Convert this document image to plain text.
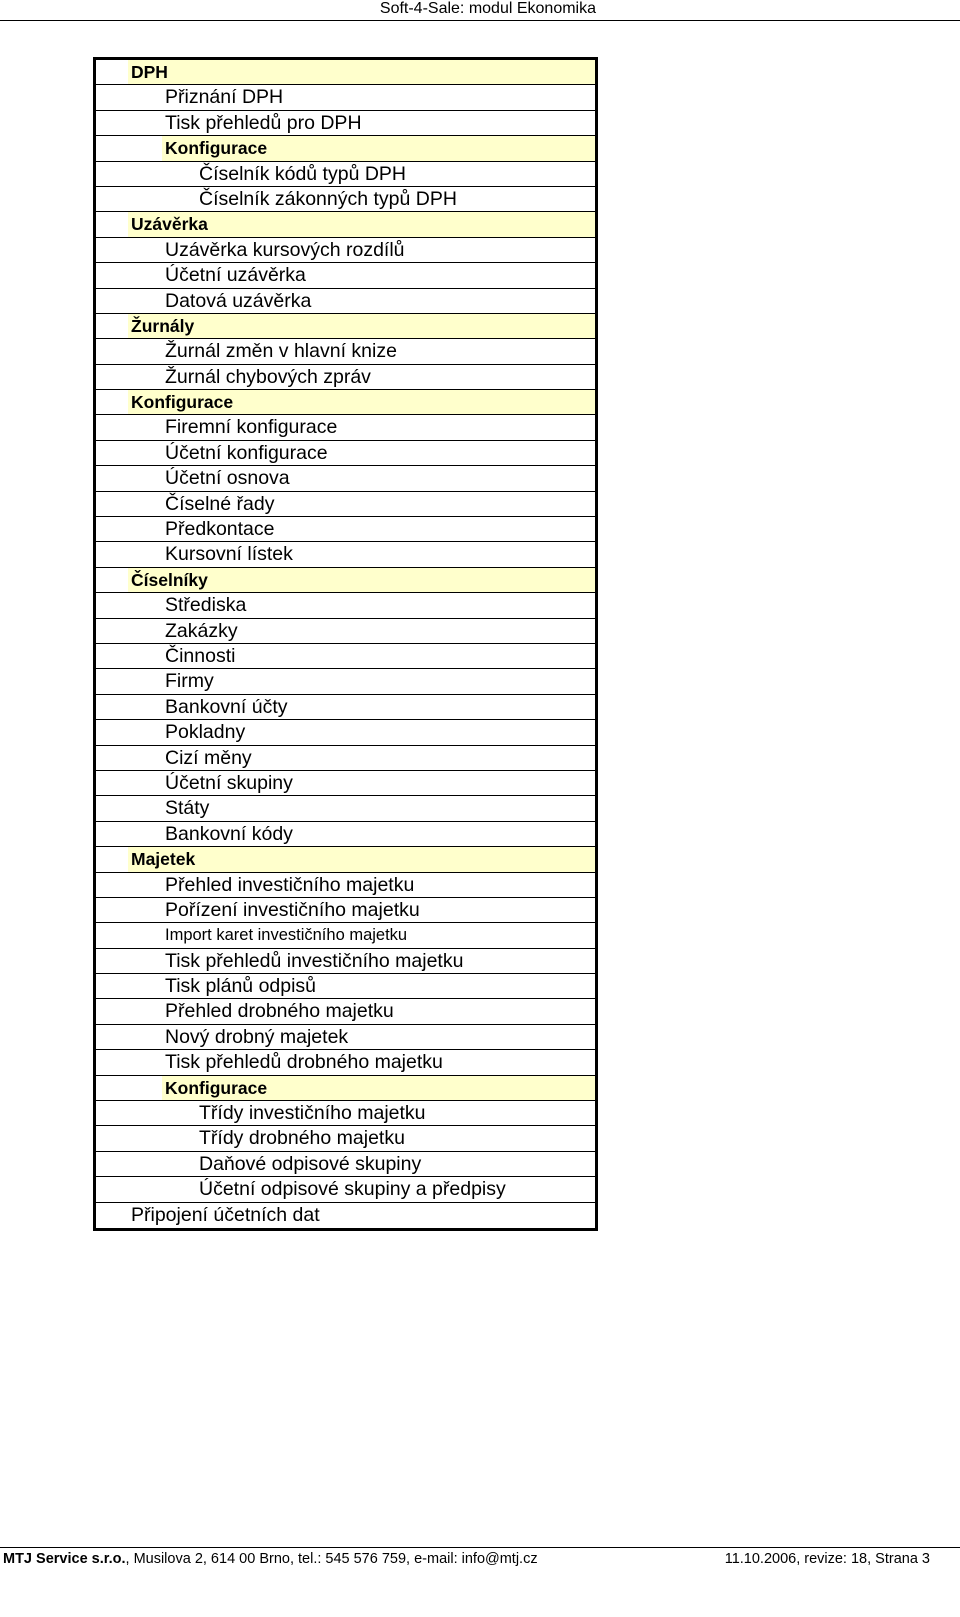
Soft-4-Sale: modul Ekonomika
DPH
Přiznání DPH
Tisk přehledů pro DPH
Konfigurace
Číselník kódů typů DPH
Číselník zákonných typů DPH
Uzávěrka
Uzávěrka kursových rozdílů
Účetní uzávěrka
Datová uzávěrka
Žurnály
Žurnál změn v hlavní knize
Žurnál chybových zpráv
Konfigurace
Firemní konfigurace
Účetní konfigurace
Účetní osnova
Číselné řady
Předkontace
Kursovní lístek
Číselníky
Střediska
Zakázky
Činnosti
Firmy
Bankovní účty
Pokladny
Cizí měny
Účetní skupiny
Státy
Bankovní kódy
Majetek
Přehled investičního majetku
Pořízení investičního majetku
Import karet investičního majetku
Tisk přehledů investičního majetku
Tisk plánů odpisů
Přehled drobného majetku
Nový drobný majetek
Tisk přehledů drobného majetku
Konfigurace
Třídy investičního majetku
Třídy drobného majetku
Daňové odpisové skupiny
Účetní odpisové skupiny a předpisy
Připojení účetních dat
MTJ Service s.r.o., Musilova 2, 614 00 Brno, tel.: 545 576 759, e-mail: info@mtj.cz	11.10.2006, revize: 18, Strana 3
